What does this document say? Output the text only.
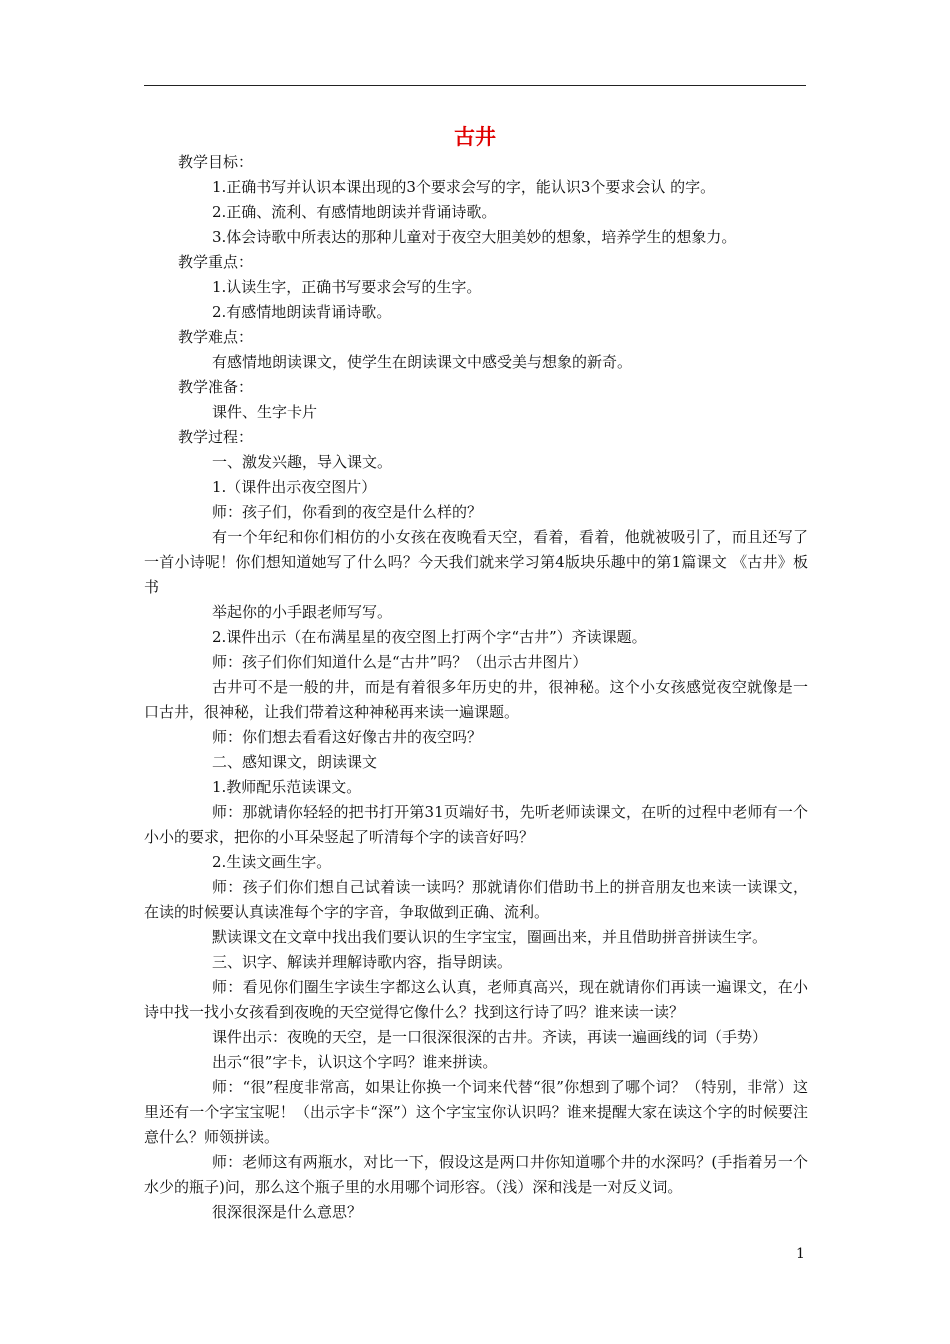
古井

教学目标：

1.正确书写并认识本课出现的3个要求会写的字，能认识3个要求会认 的字。

2.正确、流利、有感情地朗读并背诵诗歌。

3.体会诗歌中所表达的那种儿童对于夜空大胆美妙的想象，培养学生的想象力。

教学重点：

1.认读生字，正确书写要求会写的生字。

2.有感情地朗读背诵诗歌。

教学难点：

有感情地朗读课文，使学生在朗读课文中感受美与想象的新奇。

教学准备：

课件、生字卡片

教学过程：

一、激发兴趣，导入课文。

1.（课件出示夜空图片）

师：孩子们，你看到的夜空是什么样的？

有一个年纪和你们相仿的小女孩在夜晚看天空，看着，看着，他就被吸引了，而且还写了一首小诗呢！你们想知道她写了什么吗？今天我们就来学习第4版块乐趣中的第1篇课文 《古井》板书

举起你的小手跟老师写写。

2.课件出示（在布满星星的夜空图上打两个字“古井”）齐读课题。

师：孩子们你们知道什么是“古井”吗？（出示古井图片）

古井可不是一般的井，而是有着很多年历史的井，很神秘。这个小女孩感觉夜空就像是一口古井，很神秘，让我们带着这种神秘再来读一遍课题。

师：你们想去看看这好像古井的夜空吗？

二、感知课文，朗读课文

1.教师配乐范读课文。

师：那就请你轻轻的把书打开第31页端好书，先听老师读课文，在听的过程中老师有一个小小的要求，把你的小耳朵竖起了听清每个字的读音好吗？

2.生读文画生字。

师：孩子们你们想自己试着读一读吗？那就请你们借助书上的拼音朋友也来读一读课文，在读的时候要认真读准每个字的字音，争取做到正确、流利。

默读课文在文章中找出我们要认识的生字宝宝，圈画出来，并且借助拼音拼读生字。

三、识字、解读并理解诗歌内容，指导朗读。

师：看见你们圈生字读生字都这么认真，老师真高兴，现在就请你们再读一遍课文，在小诗中找一找小女孩看到夜晚的天空觉得它像什么？找到这行诗了吗？谁来读一读？

课件出示：夜晚的天空，是一口很深很深的古井。齐读，再读一遍画线的词（手势）

出示“很”字卡，认识这个字吗？谁来拼读。

师：“很”程度非常高，如果让你换一个词来代替“很”你想到了哪个词？（特别，非常）这里还有一个字宝宝呢！（出示字卡“深”）这个字宝宝你认识吗？谁来提醒大家在读这个字的时候要注意什么？师领拼读。

师：老师这有两瓶水，对比一下，假设这是两口井你知道哪个井的水深吗？(手指着另一个水少的瓶子)问，那么这个瓶子里的水用哪个词形容。（浅）深和浅是一对反义词。

很深很深是什么意思？

1
